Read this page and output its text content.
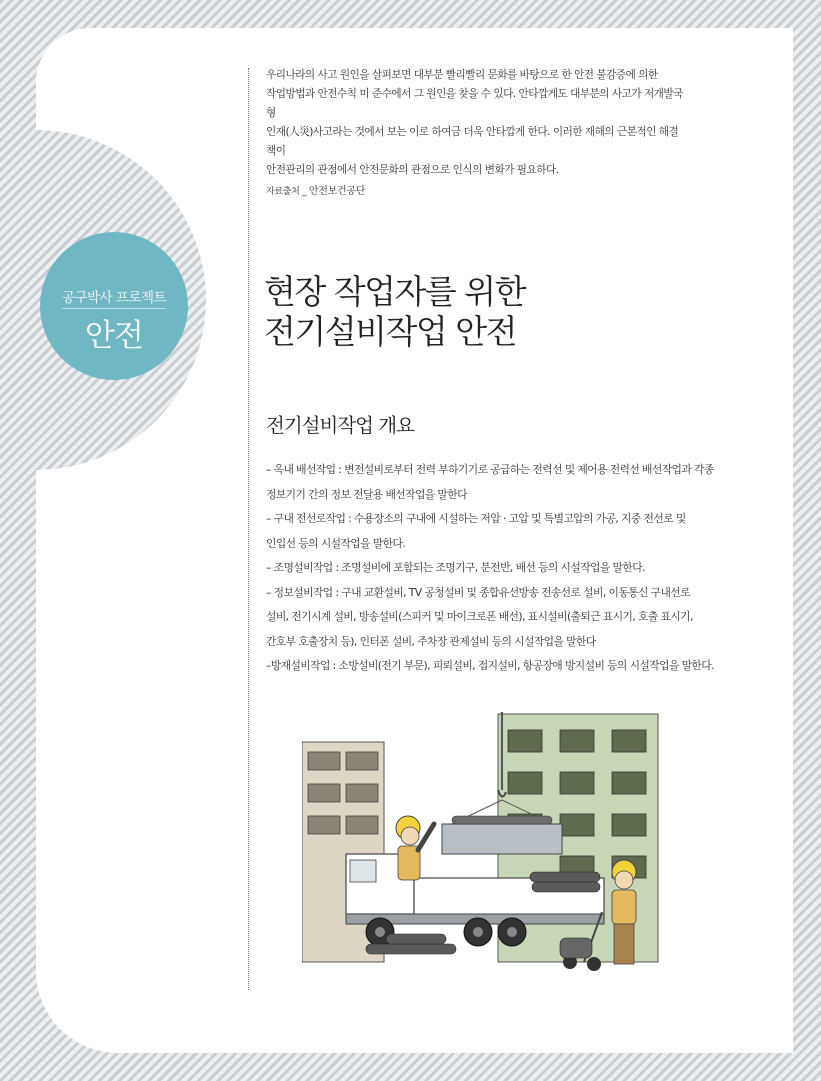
우리나라의 사고 원인을 살펴보면 대부분 빨리빨리 문화를 바탕으로 한 안전 불감증에 의한
작업방법과 안전수칙 미 준수에서 그 원인을 찾을 수 있다. 안타깝게도 대부분의 사고가 저개발국형
인재(人災)사고라는 것에서 보는 이로 하여금 더욱 안타깝게 한다. 이러한 재해의 근본적인 해결책이
안전관리의 관점에서 안전문화의 관점으로 인식의 변화가 필요하다.
자료출처 _ 안전보건공단
공구박사 프로젝트
안전
현장 작업자를 위한
전기설비작업 안전
전기설비작업 개요

– 옥내 배선작업 : 변전설비로부터 전력 부하기기로 공급하는 전력선 및 제어용 전력선 배선작업과 각종

정보기기 간의 정보 전달용 배선작업을 말한다

– 구내 전선로작업 : 수용장소의 구내에 시설하는 저압 · 고압 및 특별고압의 가공, 지중 전선로 및

인입선 등의 시설작업을 말한다.

– 조명설비작업 : 조명설비에 포함되는 조명기구, 분전반, 배선 등의 시설작업을 말한다.

– 정보설비작업 : 구내 교환설비, TV 공청설비 및 종합유선방송 전송선로 설비, 이동통신 구내선로

설비, 전기시계 설비, 방송설비(스피커 및 마이크로폰 배선), 표시설비(출퇴근 표시기, 호출 표시기,

간호부 호출장치 등), 인터폰 설비, 주차장 관제설비 등의 시설작업을 말한다

–방재설비작업 : 소방설비(전기 부문), 피뢰설비, 접지설비, 항공장애 방지설비 등의 시설작업을 말한다.
